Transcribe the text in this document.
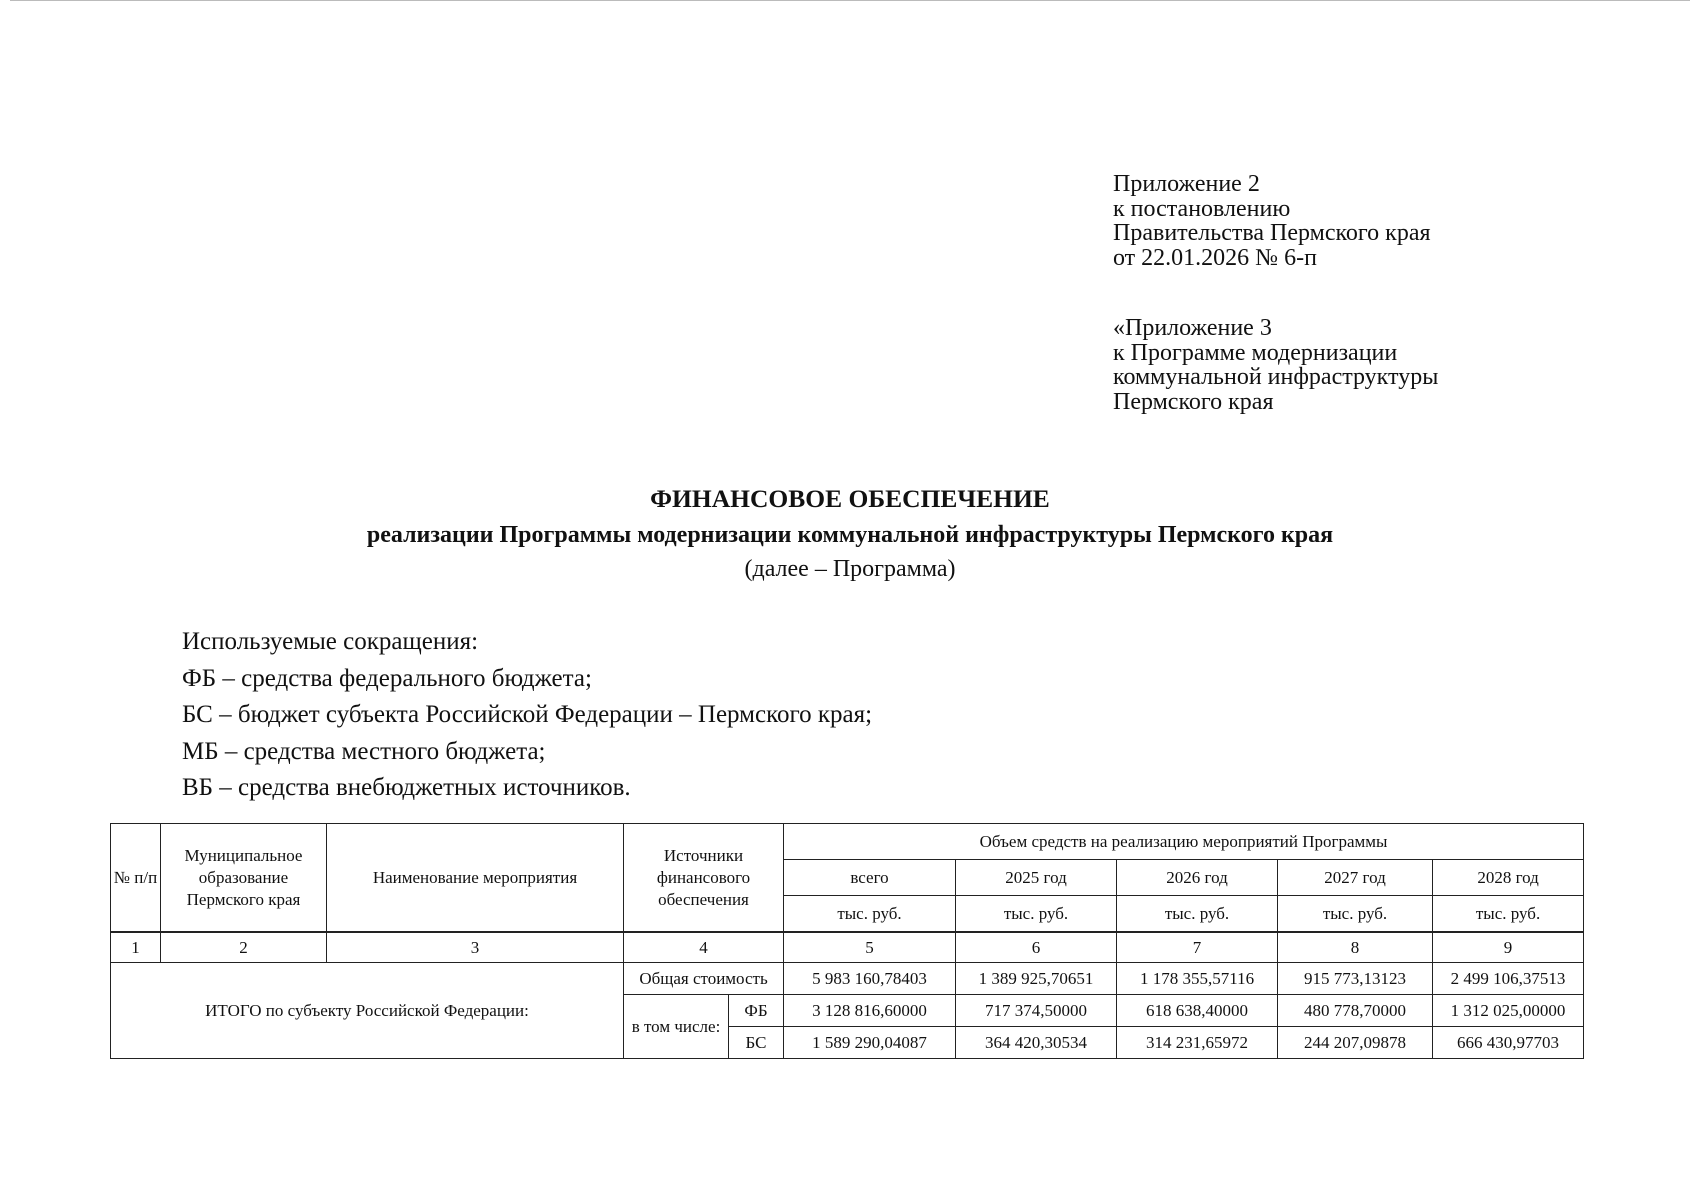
Приложение 2
к постановлению
Правительства Пермского края
от 22.01.2026 № 6-п
«Приложение 3
к Программе модернизации
коммунальной инфраструктуры
Пермского края
ФИНАНСОВОЕ ОБЕСПЕЧЕНИЕ
реализации Программы модернизации коммунальной инфраструктуры Пермского края
(далее – Программа)
Используемые сокращения:
ФБ – средства федерального бюджета;
БС – бюджет субъекта Российской Федерации – Пермского края;
МБ – средства местного бюджета;
ВБ – средства внебюджетных источников.
№ п/п	Муниципальное образование Пермского края	Наименование мероприятия	Источники финансового обеспечения		Объем средств на реализацию мероприятий Программы				
					всего	2025 год	2026 год	2027 год	2028 год
					тыс. руб.	тыс. руб.	тыс. руб.	тыс. руб.	тыс. руб.
1	2	3	4		5	6	7	8	9
ИТОГО по субъекту Российской Федерации:			Общая стоимость		5 983 160,78403	1 389 925,70651	1 178 355,57116	915 773,13123	2 499 106,37513
			в том числе:	ФБ	3 128 816,60000	717 374,50000	618 638,40000	480 778,70000	1 312 025,00000
				БС	1 589 290,04087	364 420,30534	314 231,65972	244 207,09878	666 430,97703
